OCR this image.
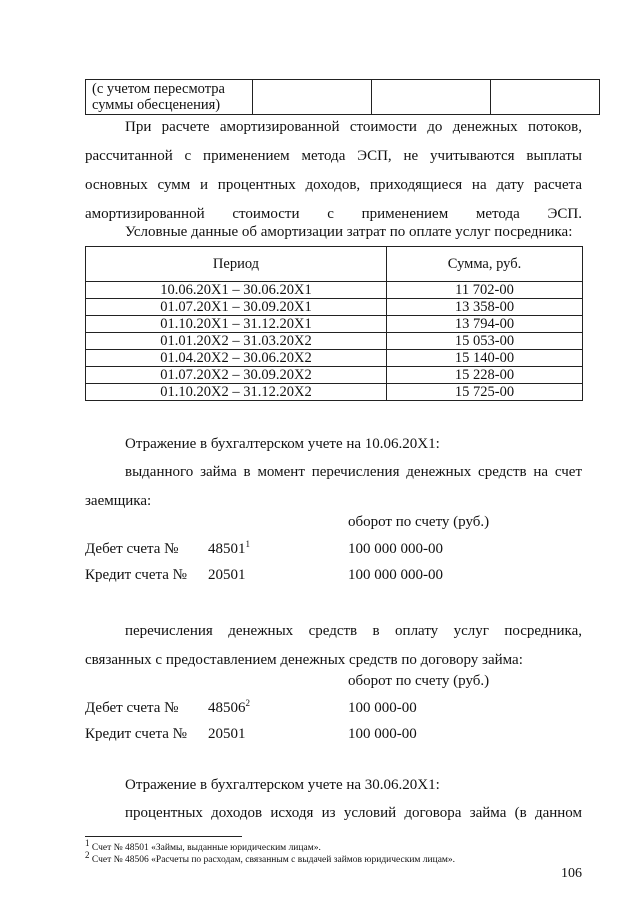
(с учетом пересмотра
суммы обесценения)
При расчете амортизированной стоимости до денежных потоков, рассчитанной с применением метода ЭСП, не учитываются выплаты основных сумм и процентных доходов, приходящиеся на дату расчета амортизированной стоимости с применением метода ЭСП.
Условные данные об амортизации затрат по оплате услуг посредника:
Период	Сумма, руб.
10.06.20X1 – 30.06.20X1	11 702-00
01.07.20X1 – 30.09.20X1	13 358-00
01.10.20X1 – 31.12.20X1	13 794-00
01.01.20X2 – 31.03.20X2	15 053-00
01.04.20X2 – 30.06.20X2	15 140-00
01.07.20X2 – 30.09.20X2	15 228-00
01.10.20X2 – 31.12.20X2	15 725-00
Отражение в бухгалтерском учете на 10.06.20X1:
выданного займа в момент перечисления денежных средств на счет заемщика:
оборот по счету (руб.)
Дебет счета № 48501$^1$	100 000 000-00
Кредит счета № 20501	100 000 000-00
перечисления денежных средств в оплату услуг посредника, связанных с предоставлением денежных средств по договору займа:
оборот по счету (руб.)
Дебет счета № 48506$^2$	100 000-00
Кредит счета № 20501	100 000-00
Отражение в бухгалтерском учете на 30.06.20X1:
процентных доходов исходя из условий договора займа (в данном
$^1$ Счет № 48501 «Займы, выданные юридическим лицам».
$^2$ Счет № 48506 «Расчеты по расходам, связанным с выдачей займов юридическим лицам».
106
